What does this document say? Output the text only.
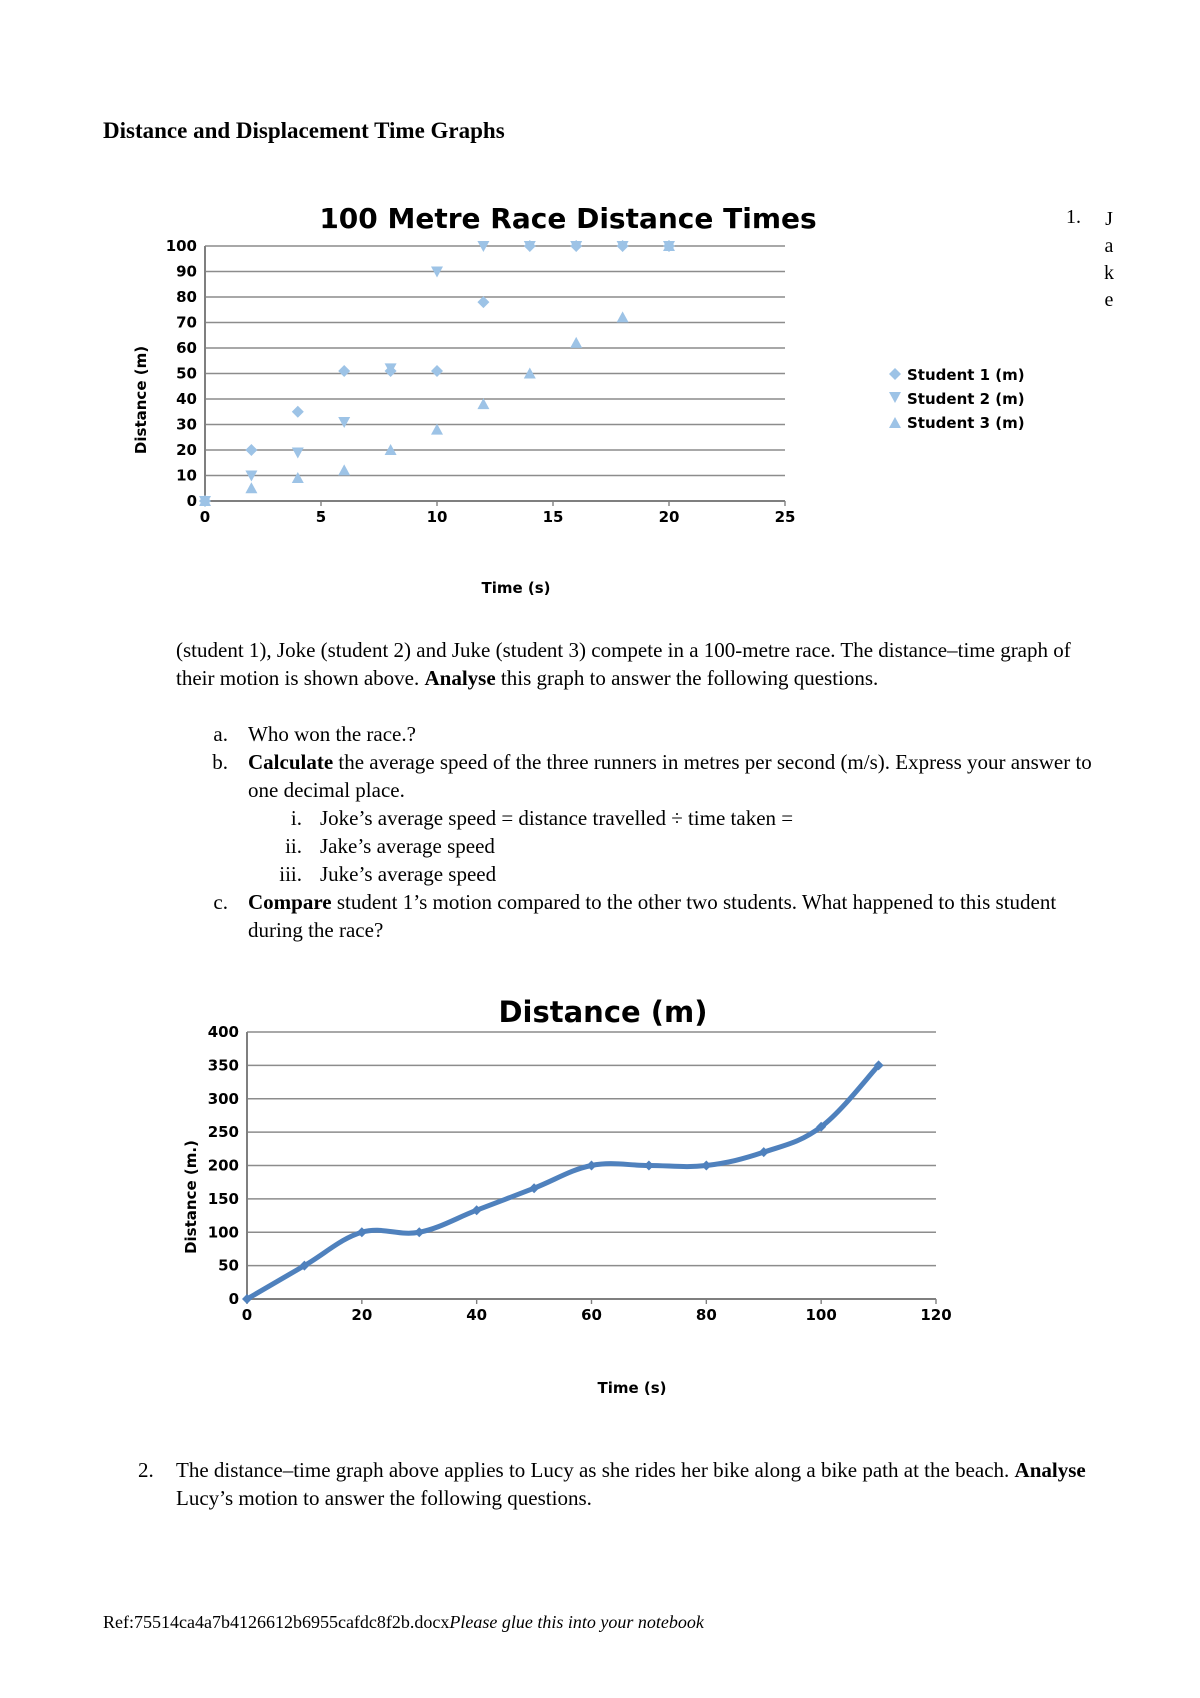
Distance and Displacement Time Graphs
100 Metre Race Distance Times
Distance (m)
Time (s)
0
10
20
30
40
50
60
70
80
90
100
0	5	10	15	20	25
Student 1 (m)
Student 2 (m)
Student 3 (m)
1.	J
a
k
e
(student 1), Joke (student 2) and Juke (student 3) compete in a 100-metre race. The distance–time graph of their motion is shown above. Analyse this graph to answer the following questions.
a. Who won the race.?
b. Calculate the average speed of the three runners in metres per second (m/s). Express your answer to one decimal place.
i. Joke’s average speed = distance travelled ÷ time taken =
ii. Jake’s average speed
iii. Juke’s average speed
c. Compare student 1’s motion compared to the other two students. What happened to this student during the race?
Distance (m)
Distance (m.)
Time (s)
0
50
100
150
200
250
300
350
400
0	20	40	60	80	100	120
2. The distance–time graph above applies to Lucy as she rides her bike along a bike path at the beach. Analyse Lucy’s motion to answer the following questions.
Ref:75514ca4a7b4126612b6955cafdc8f2b.docxPlease glue this into your notebook
